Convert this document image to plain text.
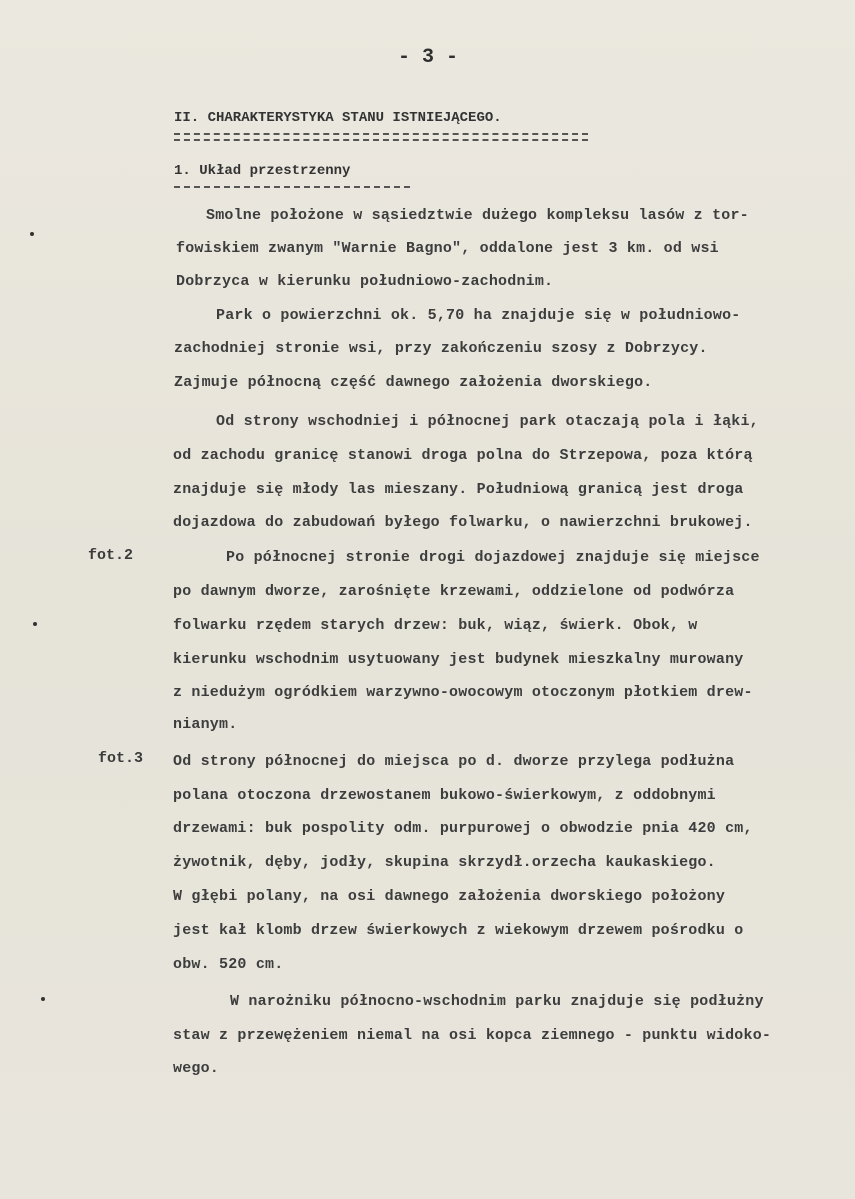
- 3 -
II. CHARAKTERYSTYKA STANU ISTNIEJĄCEGO.
1. Układ przestrzenny
Smolne położone w sąsiedztwie dużego kompleksu lasów z tor-
fowiskiem zwanym "Warnie Bagno", oddalone jest 3 km. od wsi
Dobrzyca w kierunku południowo-zachodnim.
Park o powierzchni ok. 5,70 ha znajduje się w południowo-
zachodniej stronie wsi, przy zakończeniu szosy z Dobrzycy.
Zajmuje północną część dawnego założenia dworskiego.
Od strony wschodniej i północnej park otaczają pola i łąki,
od zachodu granicę stanowi droga polna do Strzepowa, poza którą
znajduje się młody las mieszany. Południową granicą jest droga
dojazdowa do zabudowań byłego folwarku, o nawierzchni brukowej.
fot.2	Po północnej stronie drogi dojazdowej znajduje się miejsce
po dawnym dworze, zarośnięte krzewami, oddzielone od podwórza
folwarku rzędem starych drzew: buk, wiąz, świerk. Obok, w
kierunku wschodnim usytuowany jest budynek mieszkalny murowany
z niedużym ogródkiem warzywno-owocowym otoczonym płotkiem drew-
nianym.
fot.3 Od strony północnej do miejsca po d. dworze przylega podłużna
polana otoczona drzewostanem bukowo-świerkowym, z oddobnymi
drzewami: buk pospolity odm. purpurowej o obwodzie pnia 420 cm,
żywotnik, dęby, jodły, skupina skrzydł.orzecha kaukaskiego.
W głębi polany, na osi dawnego założenia dworskiego położony
jest kał klomb drzew świerkowych z wiekowym drzewem pośrodku o
obw. 520 cm.
W narożniku północno-wschodnim parku znajduje się podłużny
staw z przewężeniem niemal na osi kopca ziemnego - punktu widoko-
wego.
